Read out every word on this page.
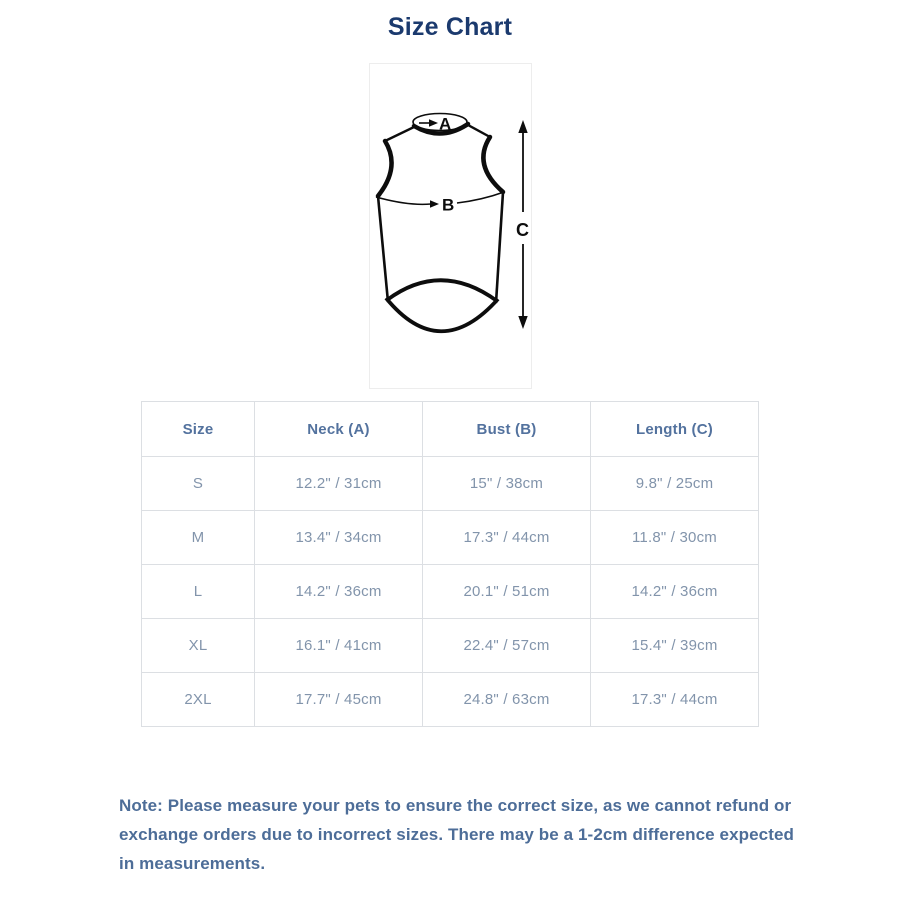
Size Chart
A
B
C
Size	Neck (A)	Bust (B)	Length (C)
S	12.2" / 31cm	15" / 38cm	9.8" / 25cm
M	13.4" / 34cm	17.3" / 44cm	11.8" / 30cm
L	14.2" / 36cm	20.1" / 51cm	14.2" / 36cm
XL	16.1" / 41cm	22.4" / 57cm	15.4" / 39cm
2XL	17.7" / 45cm	24.8" / 63cm	17.3" / 44cm

Note: Please measure your pets to ensure the correct size, as we cannot refund or exchange orders due to incorrect sizes. There may be a 1-2cm difference expected in measurements.
